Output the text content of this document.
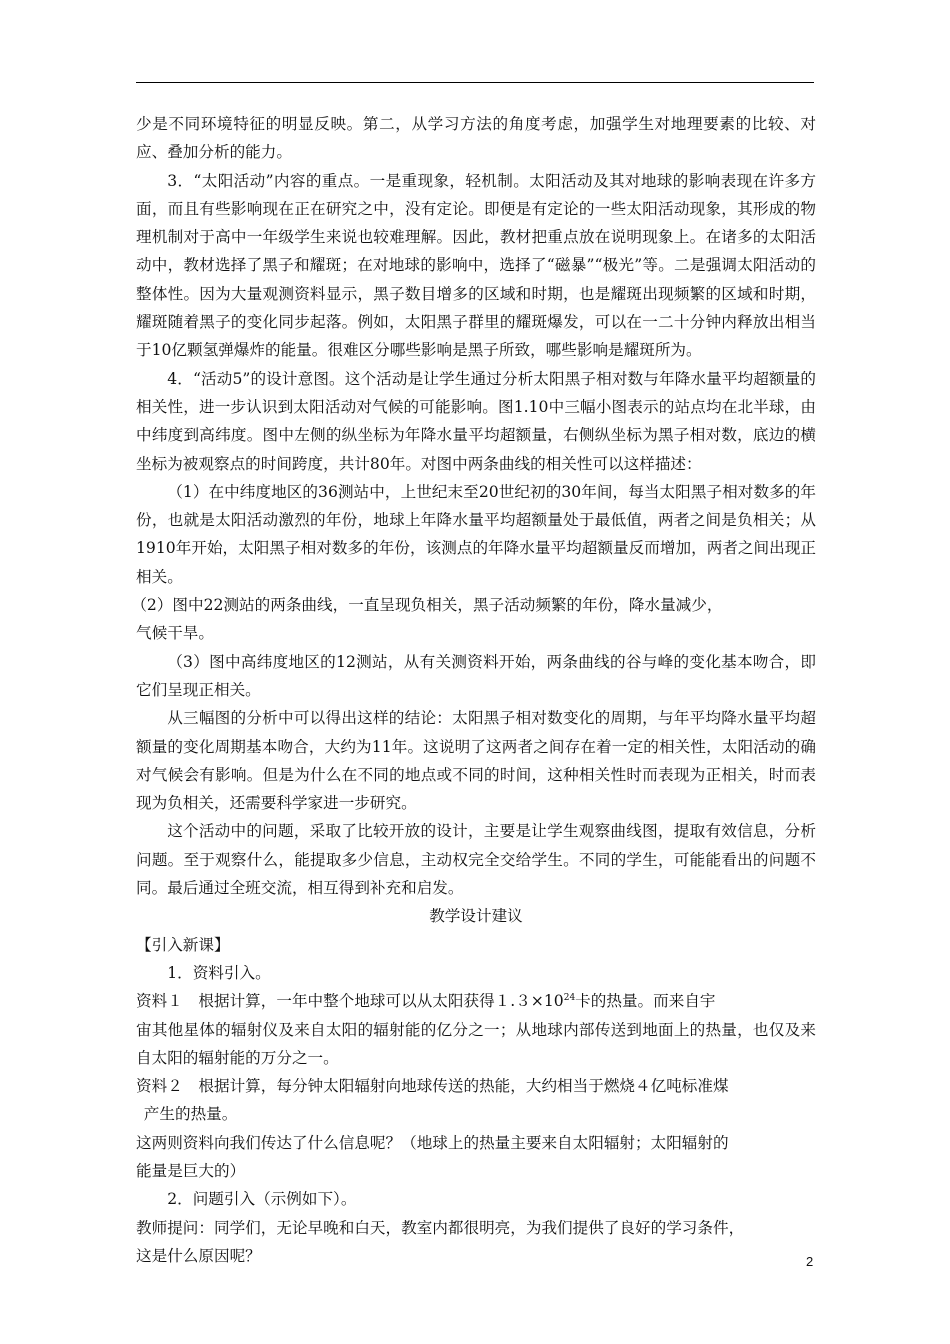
少是不同环境特征的明显反映。第二，从学习方法的角度考虑，加强学生对地理要素的比较、对应、叠加分析的能力。

3．“太阳活动”内容的重点。一是重现象，轻机制。太阳活动及其对地球的影响表现在许多方面，而且有些影响现在正在研究之中，没有定论。即便是有定论的一些太阳活动现象，其形成的物理机制对于高中一年级学生来说也较难理解。因此，教材把重点放在说明现象上。在诸多的太阳活动中，教材选择了黑子和耀斑；在对地球的影响中，选择了“磁暴”“极光”等。二是强调太阳活动的整体性。因为大量观测资料显示，黑子数目增多的区域和时期，也是耀斑出现频繁的区域和时期，耀斑随着黑子的变化同步起落。例如，太阳黑子群里的耀斑爆发，可以在一二十分钟内释放出相当于10亿颗氢弹爆炸的能量。很难区分哪些影响是黑子所致，哪些影响是耀斑所为。

4．“活动5”的设计意图。这个活动是让学生通过分析太阳黑子相对数与年降水量平均超额量的相关性，进一步认识到太阳活动对气候的可能影响。图1.10中三幅小图表示的站点均在北半球，由中纬度到高纬度。图中左侧的纵坐标为年降水量平均超额量，右侧纵坐标为黑子相对数，底边的横坐标为被观察点的时间跨度，共计80年。对图中两条曲线的相关性可以这样描述：

（1）在中纬度地区的36测站中，上世纪末至20世纪初的30年间，每当太阳黑子相对数多的年份，也就是太阳活动激烈的年份，地球上年降水量平均超额量处于最低值，两者之间是负相关；从1910年开始，太阳黑子相对数多的年份，该测点的年降水量平均超额量反而增加，两者之间出现正相关。

（2）图中22测站的两条曲线，一直呈现负相关，黑子活动频繁的年份，降水量减少，

气候干旱。

（3）图中高纬度地区的12测站，从有关测资料开始，两条曲线的谷与峰的变化基本吻合，即它们呈现正相关。

从三幅图的分析中可以得出这样的结论：太阳黑子相对数变化的周期，与年平均降水量平均超额量的变化周期基本吻合，大约为11年。这说明了这两者之间存在着一定的相关性，太阳活动的确对气候会有影响。但是为什么在不同的地点或不同的时间，这种相关性时而表现为正相关，时而表现为负相关，还需要科学家进一步研究。

这个活动中的问题，采取了比较开放的设计，主要是让学生观察曲线图，提取有效信息，分析问题。至于观察什么，能提取多少信息，主动权完全交给学生。不同的学生，可能能看出的问题不同。最后通过全班交流，相互得到补充和启发。

教学设计建议

【引入新课】

1．资料引入。

资料１　根据计算，一年中整个地球可以从太阳获得$1.3\times 10^{24}$卡的热量。而来自宇

宙其他星体的辐射仪及来自太阳的辐射能的亿分之一；从地球内部传送到地面上的热量，也仅及来自太阳的辐射能的万分之一。

资料２　根据计算，每分钟太阳辐射向地球传送的热能，大约相当于燃烧４亿吨标准煤

产生的热量。

这两则资料向我们传达了什么信息呢？（地球上的热量主要来自太阳辐射；太阳辐射的

能量是巨大的）

2．问题引入（示例如下）。

教师提问：同学们，无论早晚和白天，教室内都很明亮，为我们提供了良好的学习条件，

这是什么原因呢？	2
